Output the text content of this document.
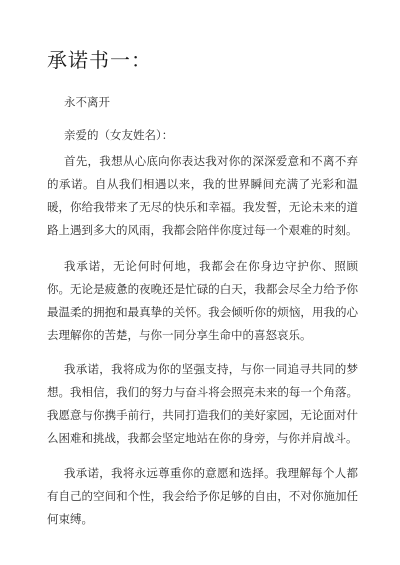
承诺书一：
永不离开
亲爱的（女友姓名）：

首先，我想从心底向你表达我对你的深深爱意和不离不弃的承诺。自从我们相遇以来，我的世界瞬间充满了光彩和温暖，你给我带来了无尽的快乐和幸福。我发誓，无论未来的道路上遇到多大的风雨，我都会陪伴你度过每一个艰难的时刻。

我承诺，无论何时何地，我都会在你身边守护你、照顾你。无论是疲惫的夜晚还是忙碌的白天，我都会尽全力给予你最温柔的拥抱和最真挚的关怀。我会倾听你的烦恼，用我的心去理解你的苦楚，与你一同分享生命中的喜怒哀乐。

我承诺，我将成为你的坚强支持，与你一同追寻共同的梦想。我相信，我们的努力与奋斗将会照亮未来的每一个角落。我愿意与你携手前行，共同打造我们的美好家园，无论面对什么困难和挑战，我都会坚定地站在你的身旁，与你并肩战斗。

我承诺，我将永远尊重你的意愿和选择。我理解每个人都有自己的空间和个性，我会给予你足够的自由，不对你施加任何束缚。
